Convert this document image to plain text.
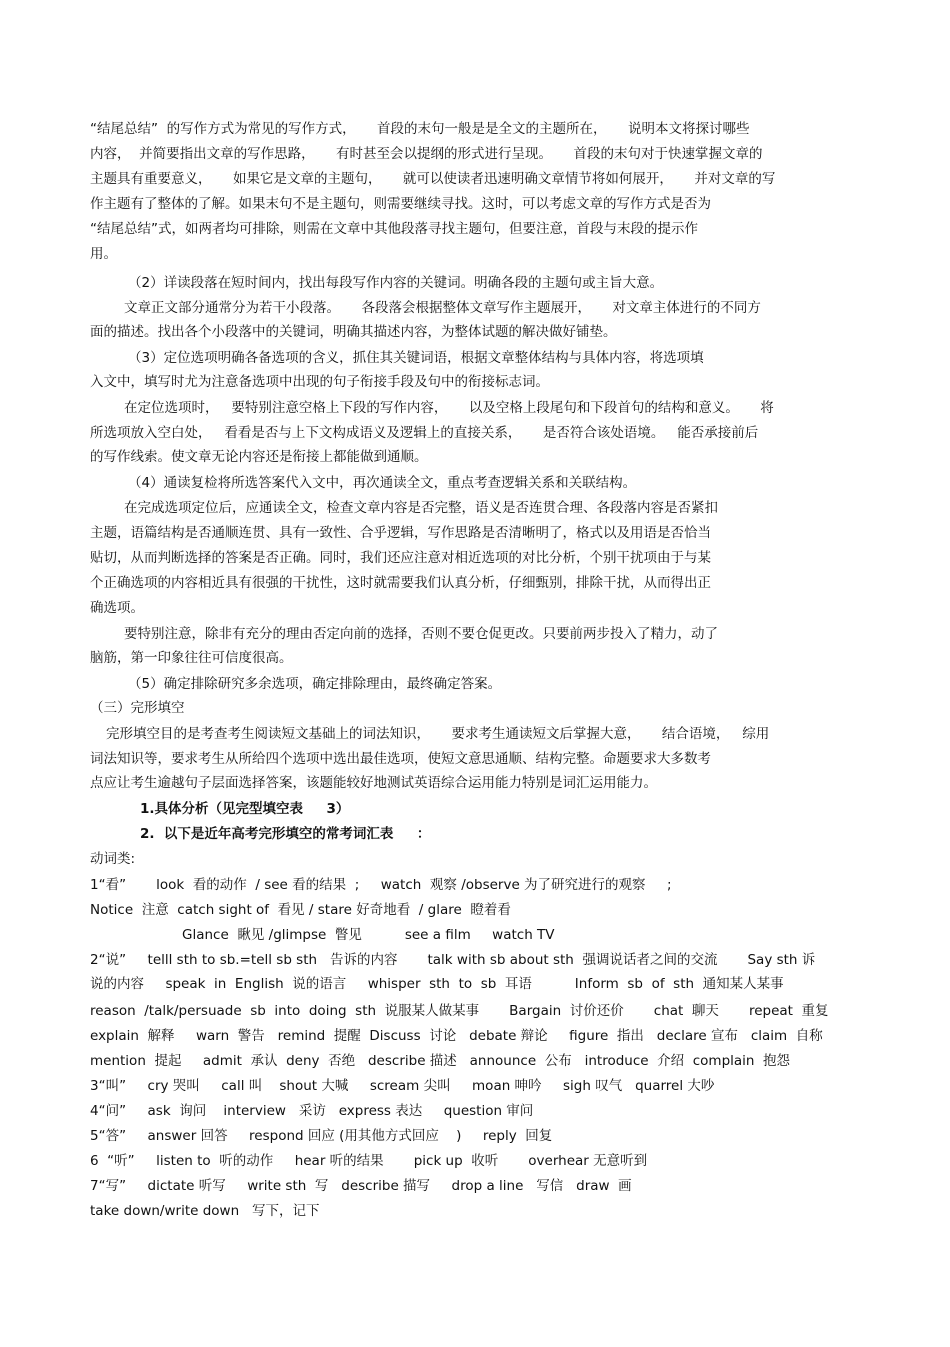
“结尾总结”  的写作方式为常见的写作方式，     首段的末句一般是是全文的主题所在，     说明本文将探讨哪些
内容，  并简要指出文章的写作思路，     有时甚至会以提纲的形式进行呈现。     首段的末句对于快速掌握文章的
主题具有重要意义，     如果它是文章的主题句，     就可以使读者迅速明确文章情节将如何展开，     并对文章的写
作主题有了整体的了解。如果末句不是主题句，则需要继续寻找。这时，可以考虑文章的写作方式是否为
“结尾总结”式，如两者均可排除，则需在文章中其他段落寻找主题句，但要注意，首段与末段的提示作
用。
（2）详读段落在短时间内，找出每段写作内容的关键词。明确各段的主题句或主旨大意。
文章正文部分通常分为若干小段落。     各段落会根据整体文章写作主题展开，     对文章主体进行的不同方
面的描述。找出各个小段落中的关键词，明确其描述内容，为整体试题的解决做好铺垫。
（3）定位选项明确各备选项的含义，抓住其关键词语，根据文章整体结构与具体内容，将选项填
入文中，填写时尤为注意备选项中出现的句子衔接手段及句中的衔接标志词。
在定位选项时，   要特别注意空格上下段的写作内容，     以及空格上段尾句和下段首句的结构和意义。     将
所选项放入空白处，   看看是否与上下文构成语义及逻辑上的直接关系，     是否符合该处语境。   能否承接前后
的写作线索。使文章无论内容还是衔接上都能做到通顺。
（4）通读复检将所选答案代入文中，再次通读全文，重点考查逻辑关系和关联结构。
在完成选项定位后，应通读全文，检查文章内容是否完整，语义是否连贯合理、各段落内容是否紧扣
主题，语篇结构是否通顺连贯、具有一致性、合乎逻辑，写作思路是否清晰明了，格式以及用语是否恰当
贴切，从而判断选择的答案是否正确。同时，我们还应注意对相近选项的对比分析，个别干扰项由于与某
个正确选项的内容相近具有很强的干扰性，这时就需要我们认真分析，仔细甄别，排除干扰，从而得出正
确选项。
要特别注意，除非有充分的理由否定向前的选择，否则不要仓促更改。只要前两步投入了精力，动了
脑筋，第一印象往往可信度很高。
（5）确定排除研究多余选项，确定排除理由，最终确定答案。
（三）完形填空
完形填空目的是考查考生阅读短文基础上的词法知识，     要求考生通读短文后掌握大意，     结合语境，   综用
词法知识等，要求考生从所给四个选项中选出最佳选项，使短文意思通顺、结构完整。命题要求大多数考
点应让考生逾越句子层面选择答案，该题能较好地测试英语综合运用能力特别是词汇运用能力。
1.具体分析（见完型填空表     3）
2.  以下是近年高考完形填空的常考词汇表     ：
动词类:
1“看”       look  看的动作  / see 看的结果  ;     watch  观察 /observe 为了研究进行的观察     ;
Notice  注意  catch sight of  看见 / stare 好奇地看  / glare  瞪着看
Glance  瞅见 /glimpse  瞥见          see a film     watch TV
2“说”     telll sth to sb.=tell sb sth   告诉的内容       talk with sb about sth  强调说话者之间的交流       Say sth 诉
说的内容     speak  in  English  说的语言     whisper  sth  to  sb  耳语          Inform  sb  of  sth  通知某人某事
reason  /talk/persuade  sb  into  doing  sth  说服某人做某事       Bargain  讨价还价       chat  聊天       repeat  重复
explain  解释     warn  警告   remind  提醒  Discuss  讨论   debate 辩论     figure  指出   declare 宣布   claim  自称
mention  提起     admit  承认  deny  否绝   describe 描述   announce  公布   introduce  介绍  complain  抱怨
3“叫”     cry 哭叫     call 叫    shout 大喊     scream 尖叫     moan 呻吟     sigh 叹气   quarrel 大吵
4“问”     ask  询问    interview   采访   express 表达     question 审问
5“答”     answer 回答     respond 回应 (用其他方式回应    )     reply  回复
6  “听”     listen to  听的动作     hear 听的结果       pick up  收听       overhear 无意听到
7“写”     dictate 听写     write sth  写   describe 描写     drop a line   写信   draw  画
take down/write down   写下，记下
